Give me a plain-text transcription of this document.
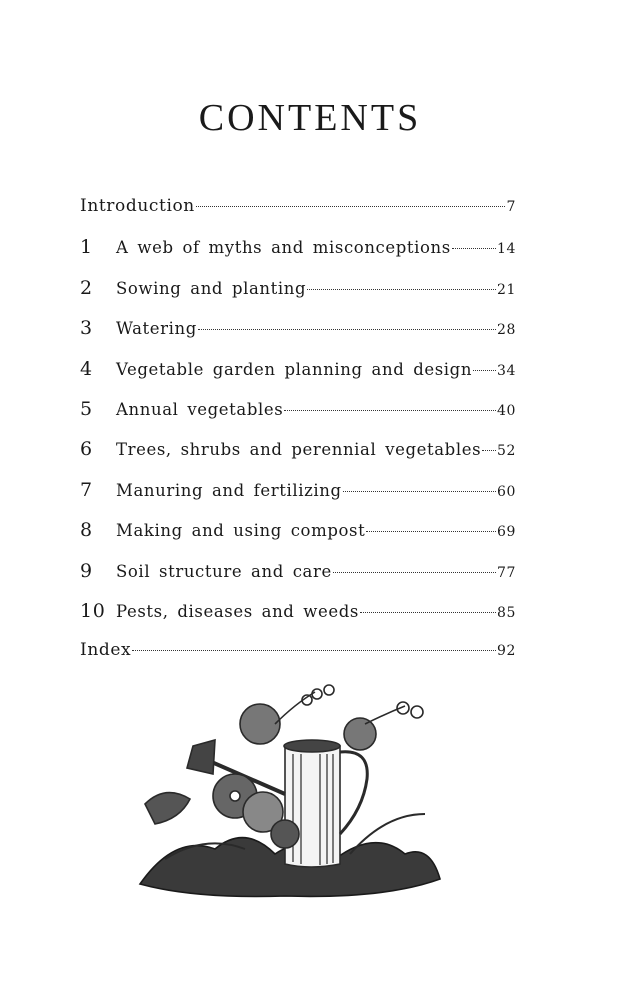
CONTENTS
Introduction	7
1	A web of myths and misconceptions	14
2	Sowing and planting	21
3	Watering	28
4	Vegetable garden planning and design 34
5	Annual vegetables	40
6	Trees, shrubs and perennial vegetables 52
7	Manuring and fertilizing	60
8	Making and using compost	69
9	Soil structure and care	77
10 Pests, diseases and weeds	85
Index	92
